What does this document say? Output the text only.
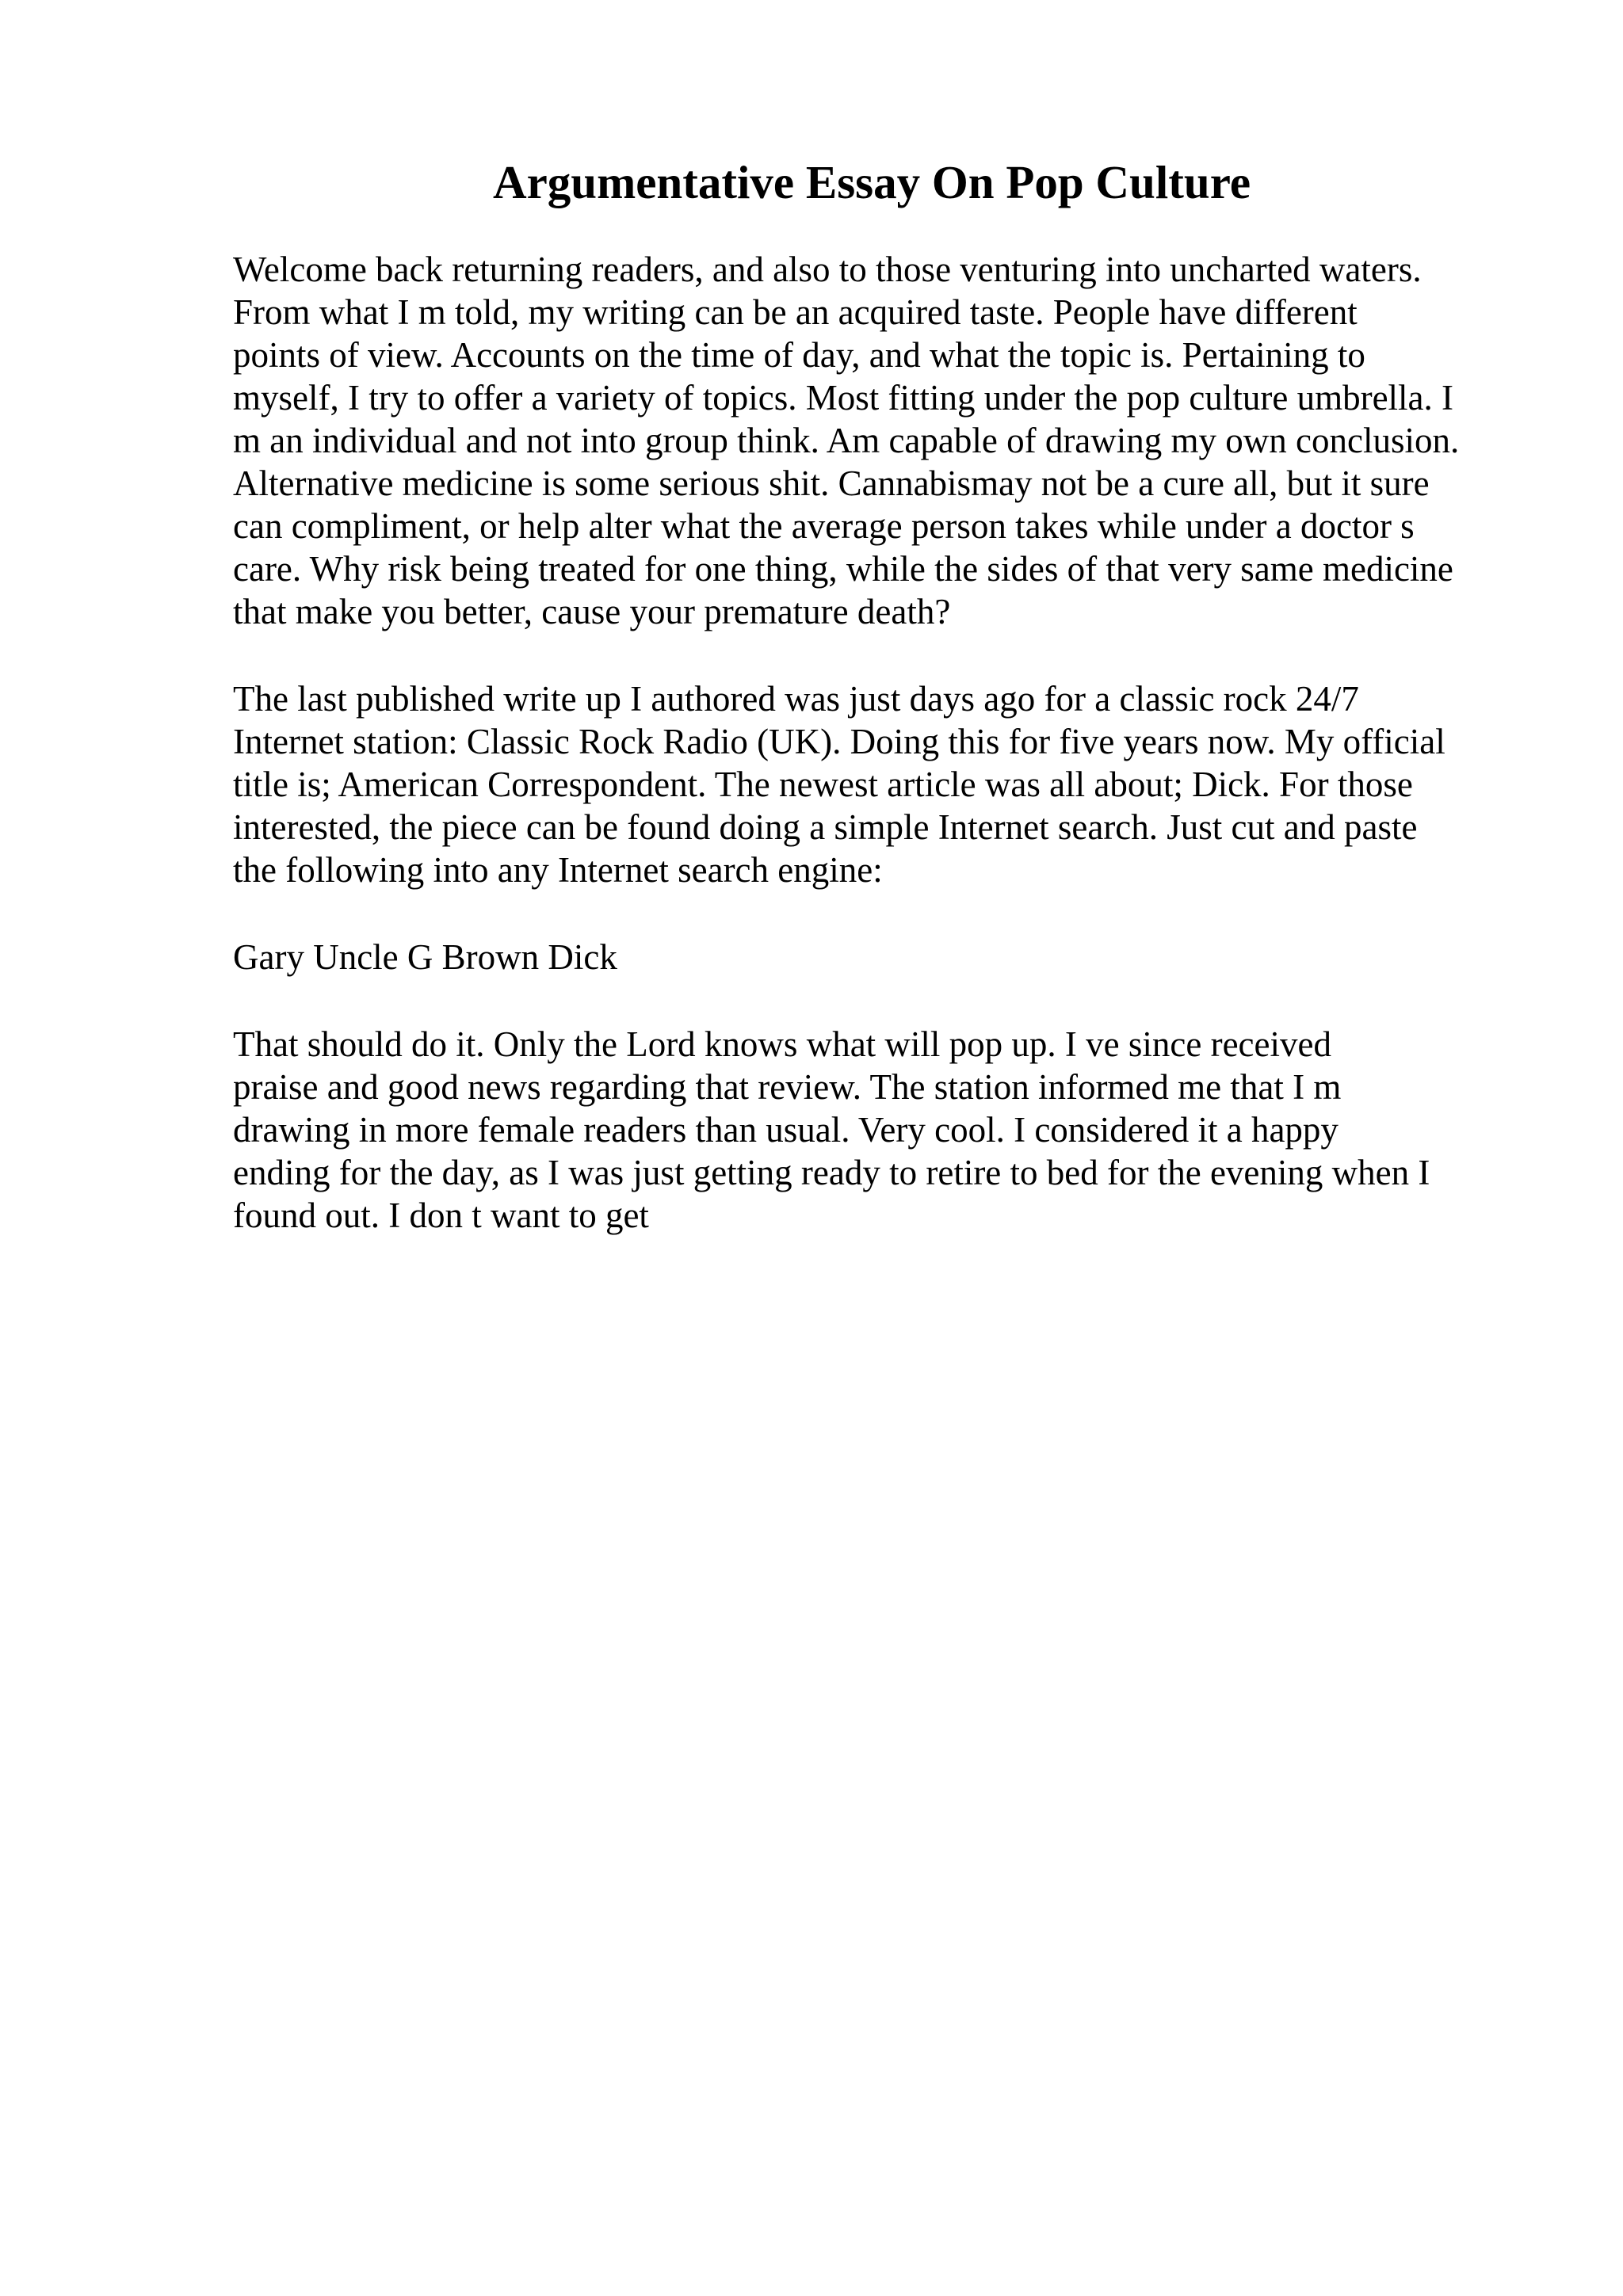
Argumentative Essay On Pop Culture

Welcome back returning readers, and also to those venturing into uncharted waters.

From what I m told, my writing can be an acquired taste. People have different

points of view. Accounts on the time of day, and what the topic is. Pertaining to

myself, I try to offer a variety of topics. Most fitting under the pop culture umbrella. I

m an individual and not into group think. Am capable of drawing my own conclusion.

Alternative medicine is some serious shit. Cannabismay not be a cure all, but it sure

can compliment, or help alter what the average person takes while under a doctor s

care. Why risk being treated for one thing, while the sides of that very same medicine

that make you better, cause your premature death?

The last published write up I authored was just days ago for a classic rock 24/7

Internet station: Classic Rock Radio (UK). Doing this for five years now. My official

title is; American Correspondent. The newest article was all about; Dick. For those

interested, the piece can be found doing a simple Internet search. Just cut and paste

the following into any Internet search engine:

Gary Uncle G Brown Dick

That should do it. Only the Lord knows what will pop up. I ve since received

praise and good news regarding that review. The station informed me that I m

drawing in more female readers than usual. Very cool. I considered it a happy

ending for the day, as I was just getting ready to retire to bed for the evening when I

found out. I don t want to get
